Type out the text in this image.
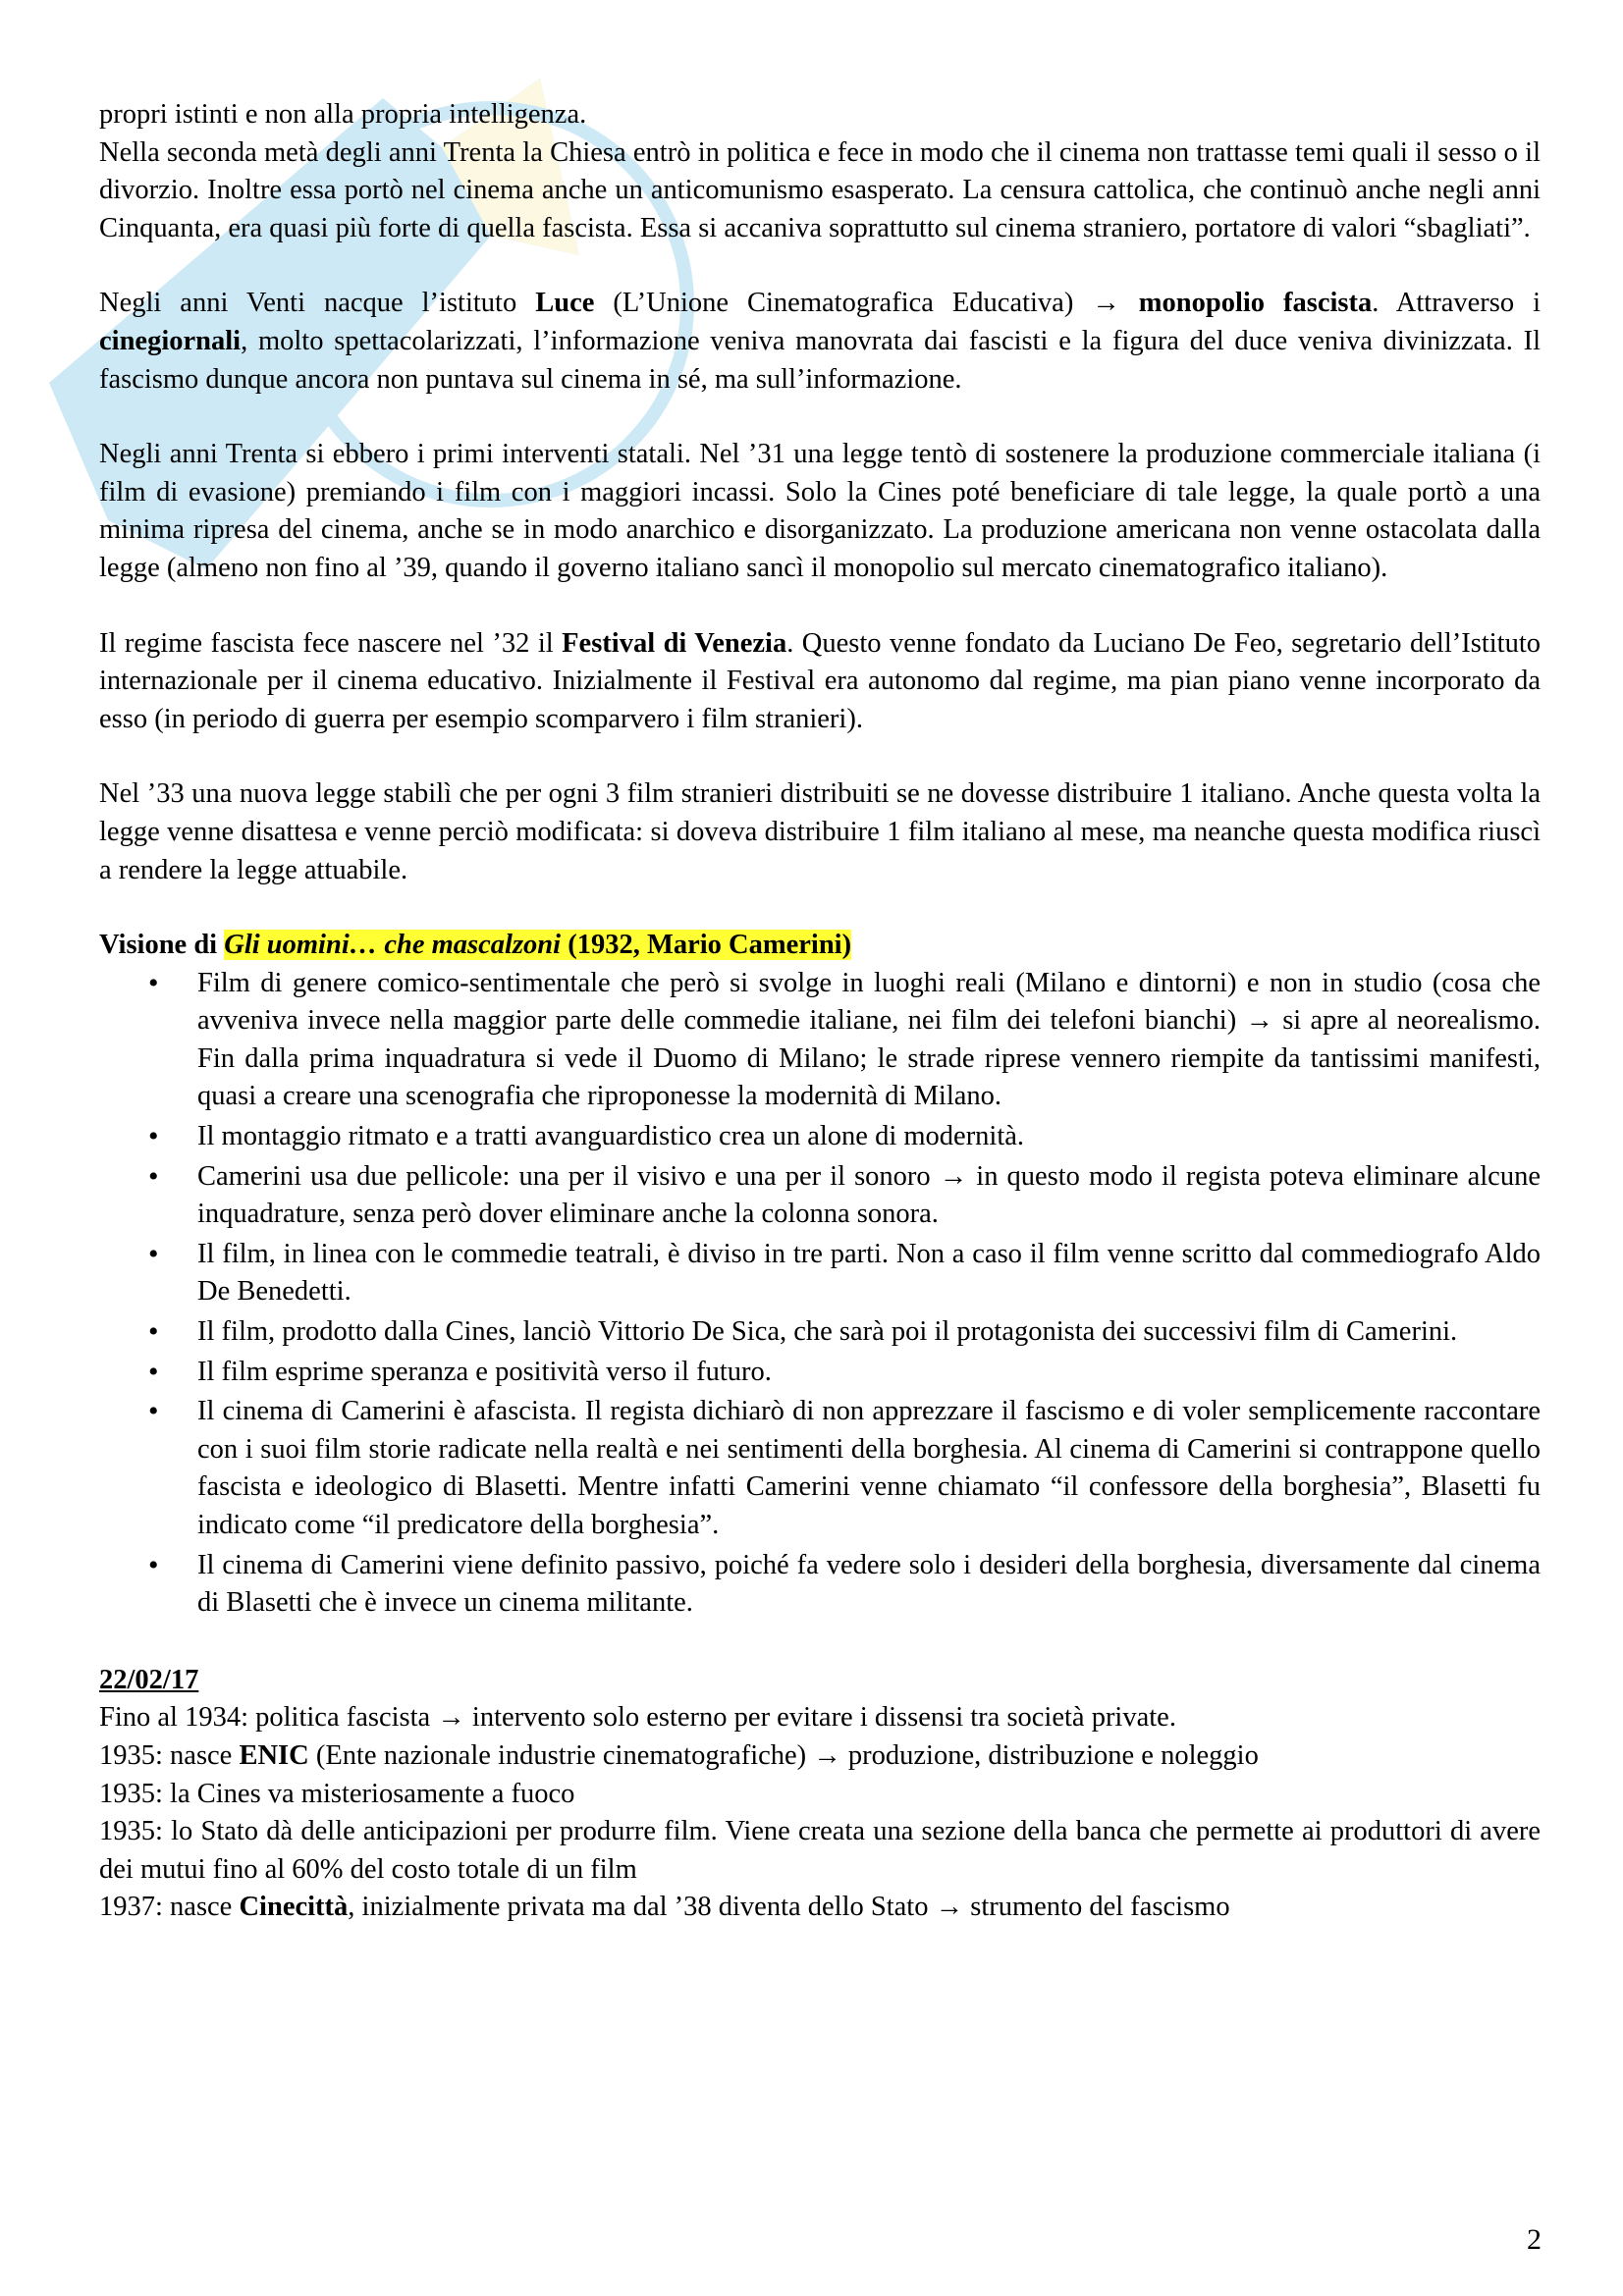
propri istinti e non alla propria intelligenza.

Nella seconda metà degli anni Trenta la Chiesa entrò in politica e fece in modo che il cinema non trattasse temi quali il sesso o il divorzio. Inoltre essa portò nel cinema anche un anticomunismo esasperato. La censura cattolica, che continuò anche negli anni Cinquanta, era quasi più forte di quella fascista. Essa si accaniva soprattutto sul cinema straniero, portatore di valori “sbagliati”.

Negli anni Venti nacque l’istituto Luce (L’Unione Cinematografica Educativa) → monopolio fascista. Attraverso i cinegiornali, molto spettacolarizzati, l’informazione veniva manovrata dai fascisti e la figura del duce veniva divinizzata. Il fascismo dunque ancora non puntava sul cinema in sé, ma sull’informazione.

Negli anni Trenta si ebbero i primi interventi statali. Nel ’31 una legge tentò di sostenere la produzione commerciale italiana (i film di evasione) premiando i film con i maggiori incassi. Solo la Cines poté beneficiare di tale legge, la quale portò a una minima ripresa del cinema, anche se in modo anarchico e disorganizzato. La produzione americana non venne ostacolata dalla legge (almeno non fino al ’39, quando il governo italiano sancì il monopolio sul mercato cinematografico italiano).

Il regime fascista fece nascere nel ’32 il Festival di Venezia. Questo venne fondato da Luciano De Feo, segretario dell’Istituto internazionale per il cinema educativo. Inizialmente il Festival era autonomo dal regime, ma pian piano venne incorporato da esso (in periodo di guerra per esempio scomparvero i film stranieri).

Nel ’33 una nuova legge stabilì che per ogni 3 film stranieri distribuiti se ne dovesse distribuire 1 italiano. Anche questa volta la legge venne disattesa e venne perciò modificata: si doveva distribuire 1 film italiano al mese, ma neanche questa modifica riuscì a rendere la legge attuabile.

Visione di Gli uomini… che mascalzoni (1932, Mario Camerini)

• Film di genere comico-sentimentale che però si svolge in luoghi reali (Milano e dintorni) e non in studio (cosa che avveniva invece nella maggior parte delle commedie italiane, nei film dei telefoni bianchi) → si apre al neorealismo. Fin dalla prima inquadratura si vede il Duomo di Milano; le strade riprese vennero riempite da tantissimi manifesti, quasi a creare una scenografia che riproponesse la modernità di Milano.
• Il montaggio ritmato e a tratti avanguardistico crea un alone di modernità.
• Camerini usa due pellicole: una per il visivo e una per il sonoro → in questo modo il regista poteva eliminare alcune inquadrature, senza però dover eliminare anche la colonna sonora.
• Il film, in linea con le commedie teatrali, è diviso in tre parti. Non a caso il film venne scritto dal commediografo Aldo De Benedetti.
• Il film, prodotto dalla Cines, lanciò Vittorio De Sica, che sarà poi il protagonista dei successivi film di Camerini.
• Il film esprime speranza e positività verso il futuro.
• Il cinema di Camerini è afascista. Il regista dichiarò di non apprezzare il fascismo e di voler semplicemente raccontare con i suoi film storie radicate nella realtà e nei sentimenti della borghesia. Al cinema di Camerini si contrappone quello fascista e ideologico di Blasetti. Mentre infatti Camerini venne chiamato “il confessore della borghesia”, Blasetti fu indicato come “il predicatore della borghesia”.
• Il cinema di Camerini viene definito passivo, poiché fa vedere solo i desideri della borghesia, diversamente dal cinema di Blasetti che è invece un cinema militante.

22/02/17

Fino al 1934: politica fascista → intervento solo esterno per evitare i dissensi tra società private.

1935: nasce ENIC (Ente nazionale industrie cinematografiche) → produzione, distribuzione e noleggio

1935: la Cines va misteriosamente a fuoco

1935: lo Stato dà delle anticipazioni per produrre film. Viene creata una sezione della banca che permette ai produttori di avere dei mutui fino al 60% del costo totale di un film

1937: nasce Cinecittà, inizialmente privata ma dal ’38 diventa dello Stato → strumento del fascismo

2
